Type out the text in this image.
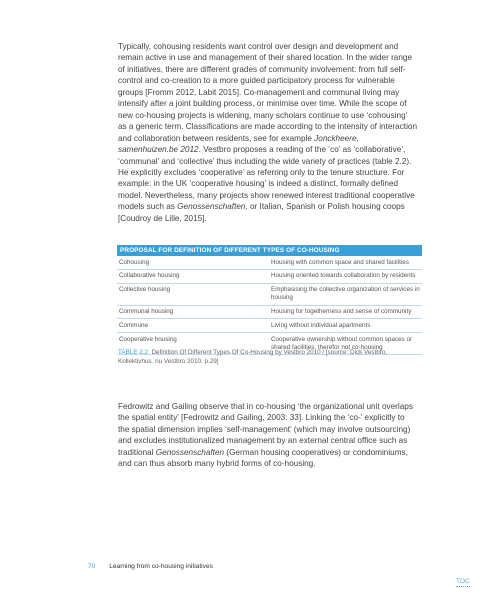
Typically, cohousing residents want control over design and development and remain active in use and management of their shared location. In the wider range of initiatives, there are different grades of community involvement: from full self-control and co-creation to a more guided participatory process for vulnerable groups [Fromm 2012, Labit 2015]. Co-management and communal living may intensify after a joint building process, or minimise over time. While the scope of new co-housing projects is widening, many scholars continue to use ‘cohousing’ as a generic term. Classifications are made according to the intensity of interaction and collaboration between residents, see for example Jonckheere, samenhuizen.be 2012. Vestbro proposes a reading of the ‘co’ as ‘collaborative’, ‘communal’ and ‘collective’ thus including the wide variety of practices (table 2.2). He explicitly excludes ‘cooperative’ as referring only to the tenure structure. For example: in the UK ‘cooperative housing’ is indeed a distinct, formally defined model. Nevertheless, many projects show renewed interest traditional cooperative models such as Genossenschaften, or Italian, Spanish or Polish housing coops [Coudroy de Lille, 2015].

PROPOSAL FOR DEFINITION OF DIFFERENT TYPES OF CO-HOUSING
Cohousing	Housing with common space and shared facilities
Collaborative housing	Housing oriented towards collaboration by residents
Collective housing	Emphasising the collective organization of services in housing
Communal housing	Housing for togetherness and sense of community
Commune	Living without individual apartments
Cooperative housing	Cooperative ownership without common spaces or shared facilities, therefor not co-housing
TABLE 2.2 Definition Of Different Types Of Co-Housing by Vestbro 2010 / [source: Dick Vestbro, Kollektivhus. nu Vestbro 2010. p.29]

Fedrowitz and Gailing observe that in co-housing ‘the organizational unit overlaps the spatial entity’ [Fedrowitz and Gailing, 2003: 33]. Linking the ‘co-’ explicitly to the spatial dimension implies ‘self-management’ (which may involve outsourcing) and excludes institutionalized management by an external central office such as traditional Genossenschaften (German housing cooperatives) or condominiums, and can thus absorb many hybrid forms of co-housing.

70 Learning from co-housing initiatives
TOC
